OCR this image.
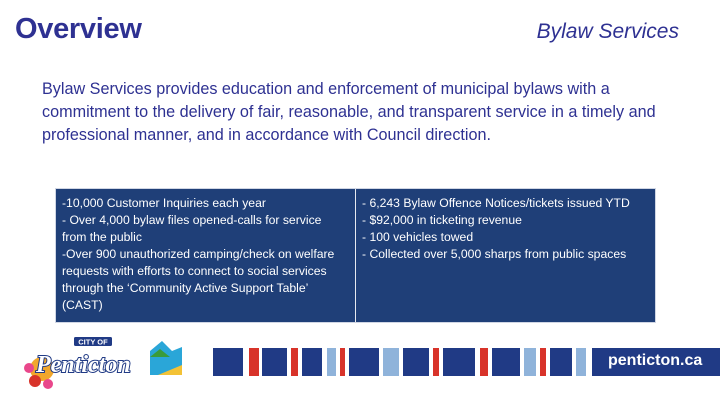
Overview	Bylaw Services
Bylaw Services provides education and enforcement of municipal bylaws with a commitment to the delivery of fair, reasonable, and transparent service in a timely and professional manner, and in accordance with Council direction.
-10,000 Customer Inquiries each year
- Over 4,000 bylaw files opened-calls for service from the public
-Over 900 unauthorized camping/check on welfare requests with efforts to connect to social services through the ‘Community Active Support Table’ (CAST)
- 6,243 Bylaw Offence Notices/tickets issued YTD
- $92,000 in ticketing revenue
- 100 vehicles towed
- Collected over 5,000 sharps from public spaces
CITY OF
Penticton	penticton.ca
